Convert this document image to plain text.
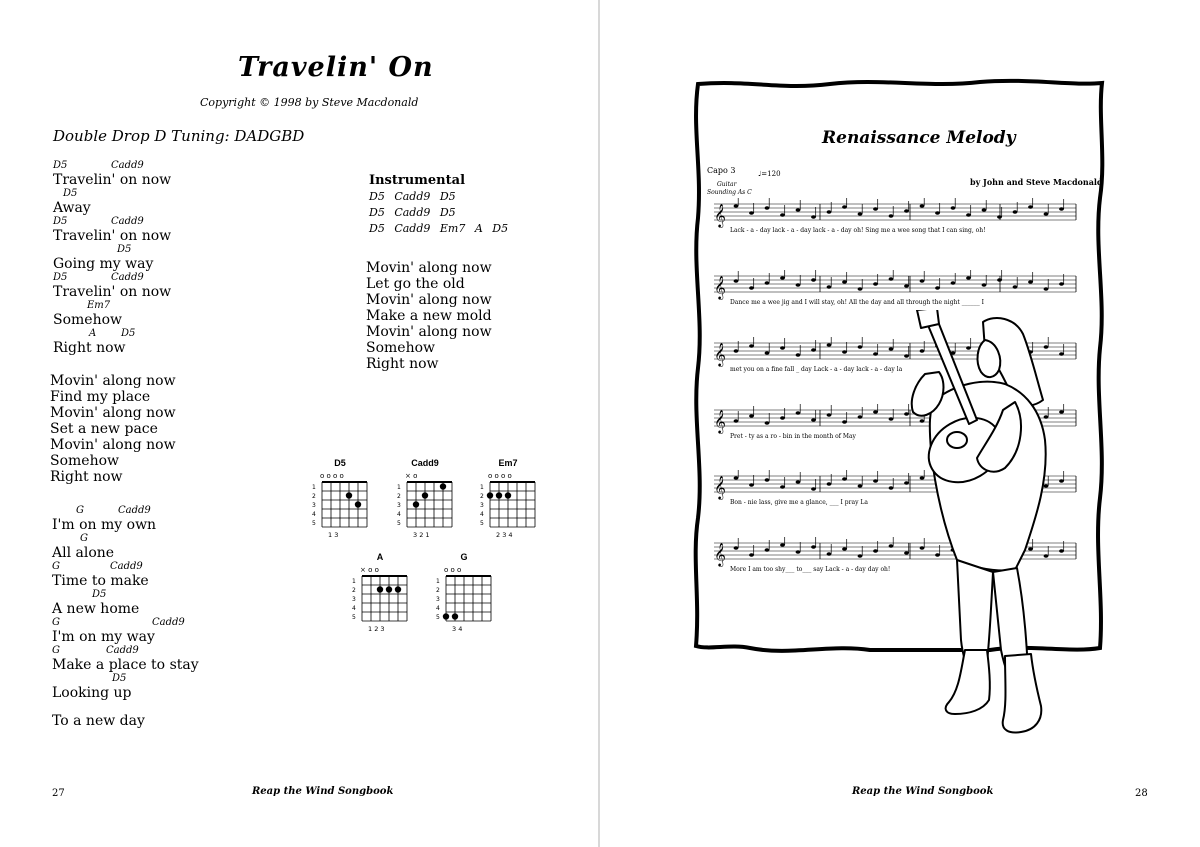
Travelin' On
Copyright © 1998 by Steve Macdonald
Double Drop D Tuning: DADGBD
D5	Cadd9
Travelin' on now
D5
Away
D5	Cadd9
Travelin' on now
D5
Going my way
D5	Cadd9
Travelin' on now
Em7
Somehow
A D5
Right now
Movin' along now
Find my place
Movin' along now
Set a new pace
Movin' along now
Somehow
Right now
G	Cadd9
I'm on my own
G
All alone
G	Cadd9
Time to make
D5
A new home
G	Cadd9
I'm on my way
G	Cadd9
Make a place to stay
D5
Looking up
To a new day
Instrumental
D5 Cadd9 D5
D5 Cadd9 D5
D5 Cadd9 Em7 A D5
Movin' along now
Let go the old
Movin' along now
Make a new mold
Movin' along now
Somehow
Right now
D5
o o o o
1
2
3
4
5
1 3
Cadd9
× o
1
2
3
4
5
3 2 1
Em7
o o o o
1
2
3
4
5
2 3 4
A
× o o
1
2
3
4
5
1 2 3
G
o o o
1
2
3
4
5
3 4
27	Reap the Wind Songbook
Renaissance Melody
Capo 3
by John and Steve Macdonald
Guitar
Sounding As C
♩=120
𝄞
Lack - a - day lack - a - day lack - a - day oh! Sing me a wee song that I can sing, oh!
𝄞
Dance me a wee jig and I will stay, oh! All the day and all through the night ______ I
𝄞
met you on a fine fall _ day Lack - a - day lack - a - day la
𝄞
Pret - ty as a ro - bin in the month of May
𝄞
Bon - nie lass, give me a glance, ___ I pray La
𝄞
More I am too shy___ to___ say Lack - a - day day oh!
Reap the Wind Songbook	28
